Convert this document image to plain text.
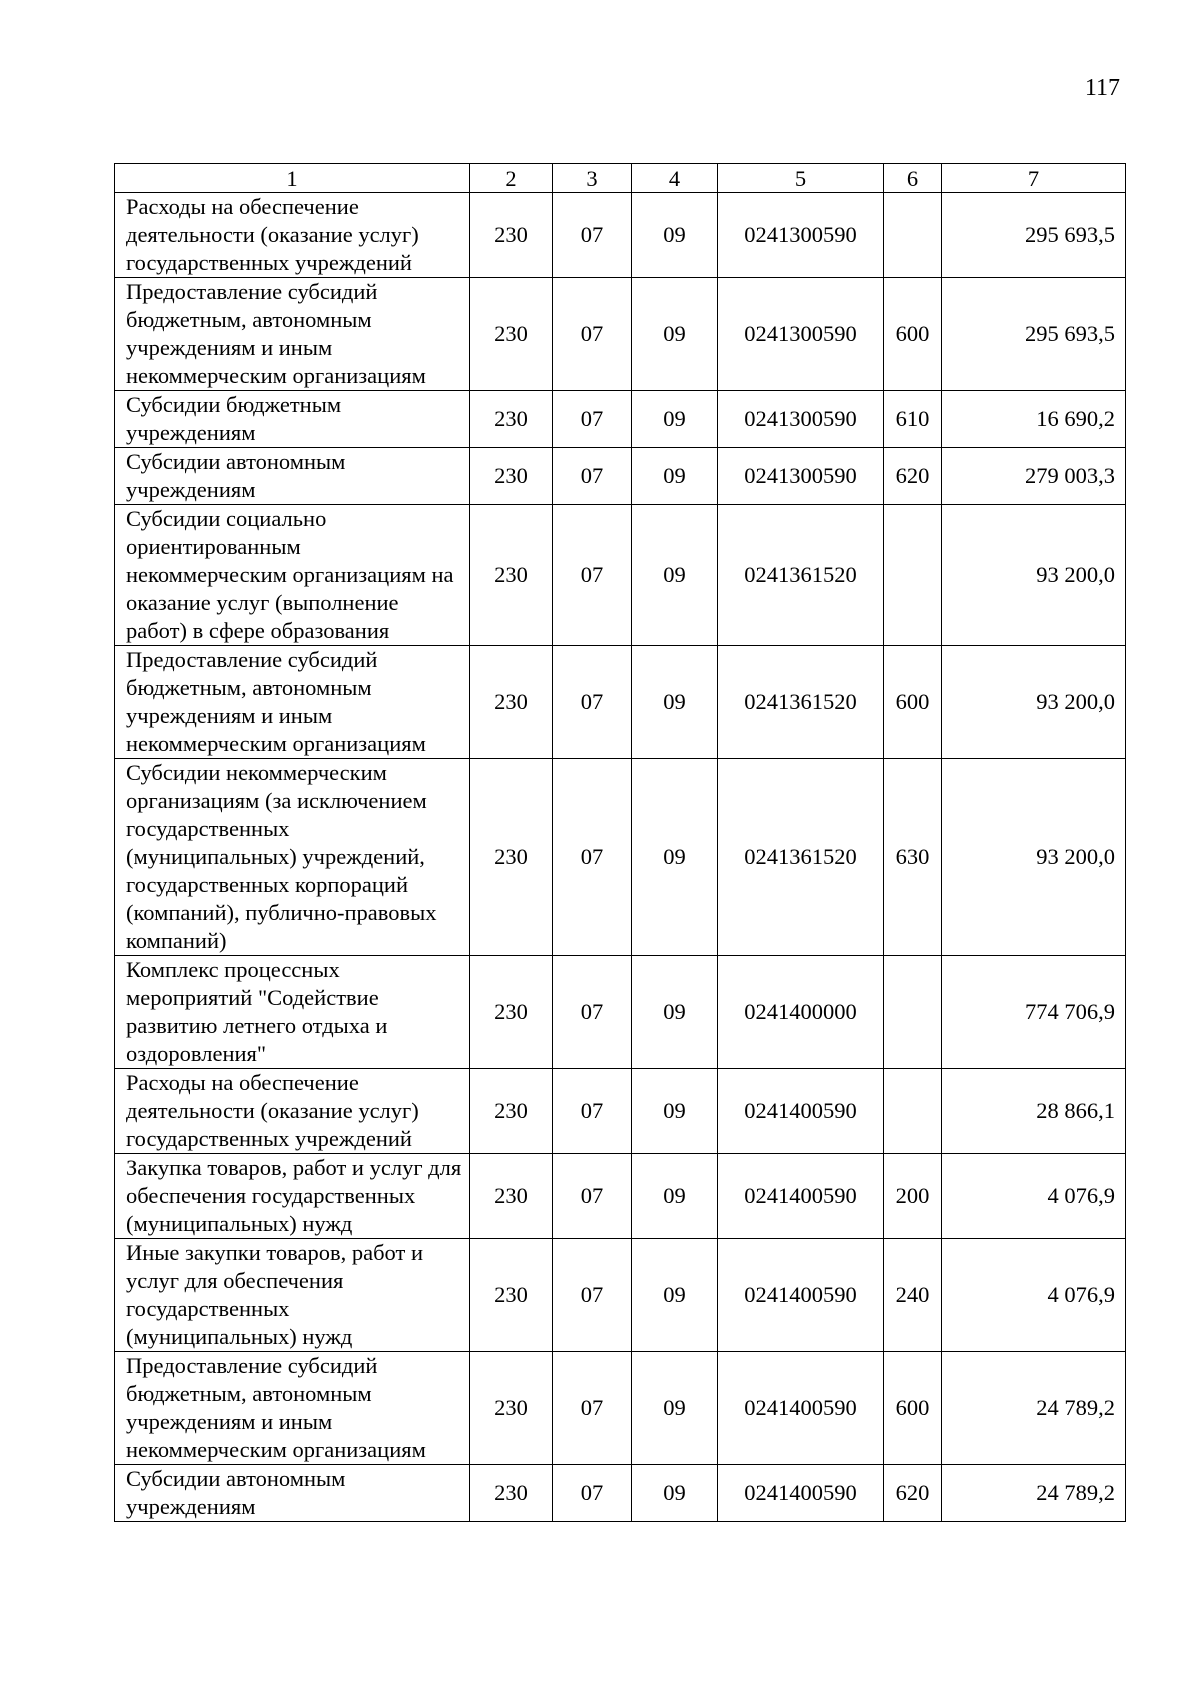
117
1	2	3	4	5	6	7
Расходы на обеспечение деятельности (оказание услуг) государственных учреждений	230	07	09	0241300590		295 693,5
Предоставление субсидий бюджетным, автономным учреждениям и иным некоммерческим организациям	230	07	09	0241300590	600	295 693,5
Субсидии бюджетным учреждениям	230	07	09	0241300590	610	16 690,2
Субсидии автономным учреждениям	230	07	09	0241300590	620	279 003,3
Субсидии социально ориентированным некоммерческим организациям на оказание услуг (выполнение работ) в сфере образования	230	07	09	0241361520		93 200,0
Предоставление субсидий бюджетным, автономным учреждениям и иным некоммерческим организациям	230	07	09	0241361520	600	93 200,0
Субсидии некоммерческим организациям (за исключением государственных (муниципальных) учреждений, государственных корпораций (компаний), публично-правовых компаний)	230	07	09	0241361520	630	93 200,0
Комплекс процессных мероприятий "Содействие развитию летнего отдыха и оздоровления"	230	07	09	0241400000		774 706,9
Расходы на обеспечение деятельности (оказание услуг) государственных учреждений	230	07	09	0241400590		28 866,1
Закупка товаров, работ и услуг для обеспечения государственных (муниципальных) нужд	230	07	09	0241400590	200	4 076,9
Иные закупки товаров, работ и услуг для обеспечения государственных (муниципальных) нужд	230	07	09	0241400590	240	4 076,9
Предоставление субсидий бюджетным, автономным учреждениям и иным некоммерческим организациям	230	07	09	0241400590	600	24 789,2
Субсидии автономным учреждениям	230	07	09	0241400590	620	24 789,2
